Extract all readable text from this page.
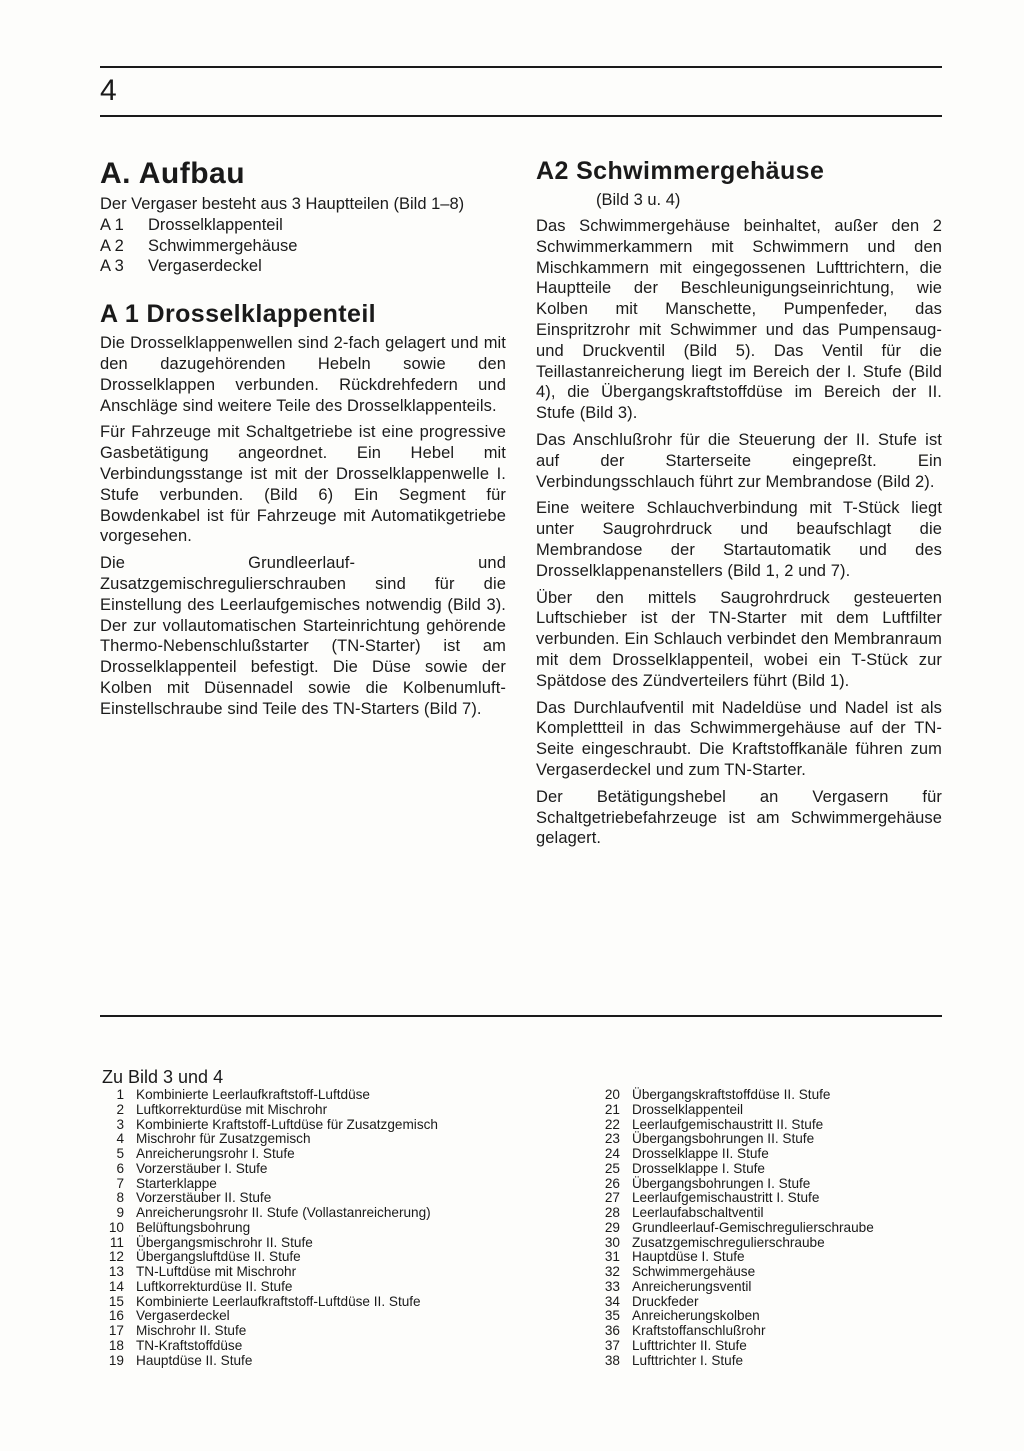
4
A. Aufbau
Der Vergaser besteht aus 3 Hauptteilen (Bild 1–8)
A 1	Drosselklappenteil
A 2	Schwimmergehäuse
A 3	Vergaserdeckel
A 1 Drosselklappenteil

Die Drosselklappenwellen sind 2-fach gelagert und mit den dazugehörenden Hebeln sowie den Drosselklappen verbunden. Rückdrehfedern und Anschläge sind weitere Teile des Drosselklappenteils.

Für Fahrzeuge mit Schaltgetriebe ist eine progressive Gasbetätigung angeordnet. Ein Hebel mit Verbindungsstange ist mit der Drosselklappenwelle I. Stufe verbunden. (Bild 6) Ein Segment für Bowdenkabel ist für Fahrzeuge mit Automatikgetriebe vorgesehen.

Die Grundleerlauf- und Zusatzgemischregulierschrauben sind für die Einstellung des Leerlaufgemisches notwendig (Bild 3). Der zur vollautomatischen Starteinrichtung gehörende Thermo-Nebenschlußstarter (TN-Starter) ist am Drosselklappenteil befestigt. Die Düse sowie der Kolben mit Düsennadel sowie die Kolbenumluft-Einstellschraube sind Teile des TN-Starters (Bild 7).

A2 Schwimmergehäuse
(Bild 3 u. 4)

Das Schwimmergehäuse beinhaltet, außer den 2 Schwimmerkammern mit Schwimmern und den Mischkammern mit eingegossenen Lufttrichtern, die Hauptteile der Beschleunigungseinrichtung, wie Kolben mit Manschette, Pumpenfeder, das Einspritzrohr mit Schwimmer und das Pumpensaug- und Druckventil (Bild 5). Das Ventil für die Teillastanreicherung liegt im Bereich der I. Stufe (Bild 4), die Übergangskraftstoffdüse im Bereich der II. Stufe (Bild 3).

Das Anschlußrohr für die Steuerung der II. Stufe ist auf der Starterseite eingepreßt. Ein Verbindungsschlauch führt zur Membrandose (Bild 2).

Eine weitere Schlauchverbindung mit T-Stück liegt unter Saugrohrdruck und beaufschlagt die Membrandose der Startautomatik und des Drosselklappenanstellers (Bild 1, 2 und 7).

Über den mittels Saugrohrdruck gesteuerten Luftschieber ist der TN-Starter mit dem Luftfilter verbunden. Ein Schlauch verbindet den Membranraum mit dem Drosselklappenteil, wobei ein T-Stück zur Spätdose des Zündverteilers führt (Bild 1).

Das Durchlaufventil mit Nadeldüse und Nadel ist als Komplettteil in das Schwimmergehäuse auf der TN-Seite eingeschraubt. Die Kraftstoffkanäle führen zum Vergaserdeckel und zum TN-Starter.

Der Betätigungshebel an Vergasern für Schaltgetriebefahrzeuge ist am Schwimmergehäuse gelagert.

Zu Bild 3 und 4
1 Kombinierte Leerlaufkraftstoff-Luftdüse
2 Luftkorrekturdüse mit Mischrohr
3 Kombinierte Kraftstoff-Luftdüse für Zusatzgemisch
4 Mischrohr für Zusatzgemisch
5 Anreicherungsrohr I. Stufe
6 Vorzerstäuber I. Stufe
7 Starterklappe
8 Vorzerstäuber II. Stufe
9 Anreicherungsrohr II. Stufe (Vollastanreicherung)
10 Belüftungsbohrung
11 Übergangsmischrohr II. Stufe
12 Übergangsluftdüse II. Stufe
13 TN-Luftdüse mit Mischrohr
14 Luftkorrekturdüse II. Stufe
15 Kombinierte Leerlaufkraftstoff-Luftdüse II. Stufe
16 Vergaserdeckel
17 Mischrohr II. Stufe
18 TN-Kraftstoffdüse
19 Hauptdüse II. Stufe
20 Übergangskraftstoffdüse II. Stufe
21 Drosselklappenteil
22 Leerlaufgemischaustritt II. Stufe
23 Übergangsbohrungen II. Stufe
24 Drosselklappe II. Stufe
25 Drosselklappe I. Stufe
26 Übergangsbohrungen I. Stufe
27 Leerlaufgemischaustritt I. Stufe
28 Leerlaufabschaltventil
29 Grundleerlauf-Gemischregulierschraube
30 Zusatzgemischregulierschraube
31 Hauptdüse I. Stufe
32 Schwimmergehäuse
33 Anreicherungsventil
34 Druckfeder
35 Anreicherungskolben
36 Kraftstoffanschlußrohr
37 Lufttrichter II. Stufe
38 Lufttrichter I. Stufe
